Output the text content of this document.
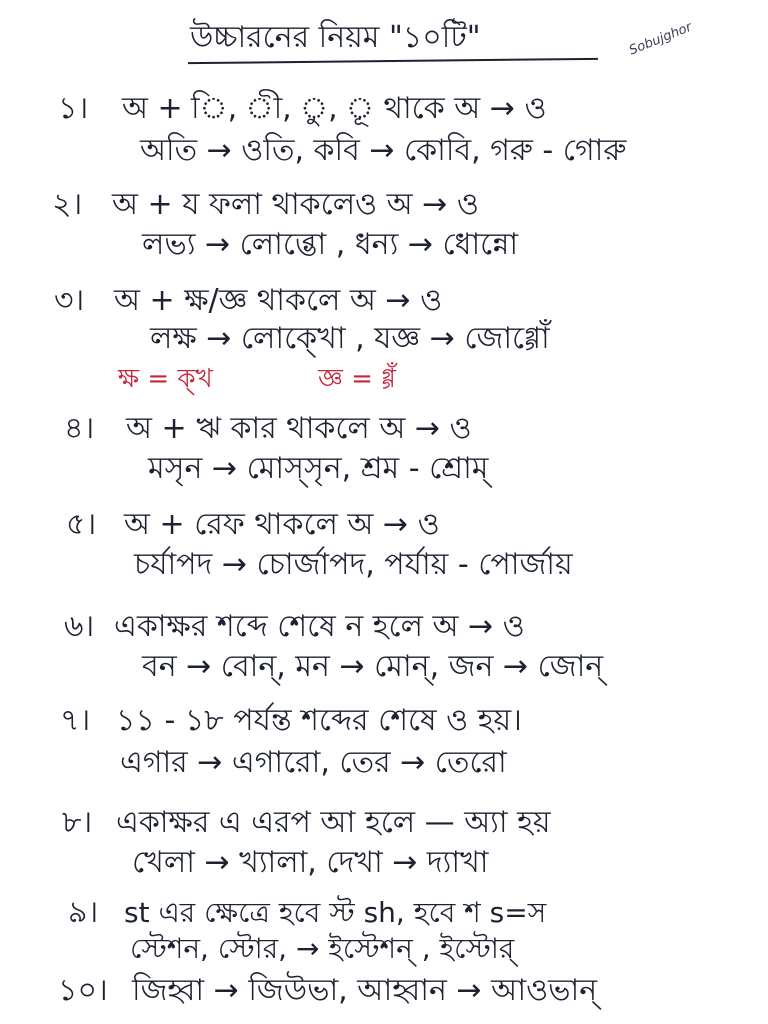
উচ্চারনের নিয়ম "১০টি"	Sobujghor
১। অ + ি, ী, ু, ূ থাকে অ → ও
অতি → ওতি, কবি → কোবি, গরু - গোরু
২। অ + য ফলা থাকলেও অ → ও
লভ্য → লোব্ভো , ধন্য → ধোন্নো
৩। অ + ক্ষ/জ্ঞ থাকলে অ → ও
লক্ষ → লোক্খো , যজ্ঞ → জোগ্গোঁ
ক্ষ = ক্খ	জ্ঞ = গ্গঁ
৪। অ + ঋ কার থাকলে অ → ও
মসৃন → মোস্সৃন, শ্রম - শ্রোম্
৫। অ + রেফ থাকলে অ → ও
চর্যাপদ → চোর্জাপদ, পর্যায় - পোর্জায়
৬। একাক্ষর শব্দে শেষে ন হলে অ → ও
বন → বোন্, মন → মোন্, জন → জোন্
৭। ১১ - ১৮ পর্যন্ত শব্দের শেষে ও হয়।
এগার → এগারো, তের → তেরো
৮। একাক্ষর এ এরপ আ হলে — অ্যা হয়
খেলা → খ্যালা, দেখা → দ্যাখা
৯। st এর ক্ষেত্রে হবে স্ট sh, হবে শ s=স
স্টেশন, স্টোর, → ইস্টেশন্ , ইস্টোর্
১০। জিহ্বা → জিউভা, আহ্বান → আওভান্
